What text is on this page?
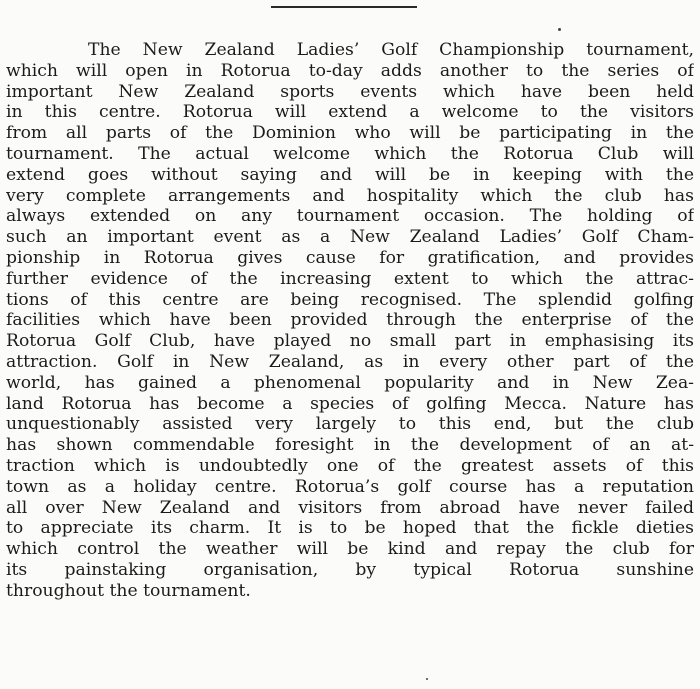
The New Zealand Ladies’ Golf Championship tournament,
which will open in Rotorua to-day adds another to the series of
important New Zealand sports events which have been held
in this centre. Rotorua will extend a welcome to the visitors
from all parts of the Dominion who will be participating in the
tournament. The actual welcome which the Rotorua Club will
extend goes without saying and will be in keeping with the
very complete arrangements and hospitality which the club has
always extended on any tournament occasion. The holding of
such an important event as a New Zealand Ladies’ Golf Cham-
pionship in Rotorua gives cause for gratification, and provides
further evidence of the increasing extent to which the attrac-
tions of this centre are being recognised. The splendid golfing
facilities which have been provided through the enterprise of the
Rotorua Golf Club, have played no small part in emphasising its
attraction. Golf in New Zealand, as in every other part of the
world, has gained a phenomenal popularity and in New Zea-
land Rotorua has become a species of golfing Mecca. Nature has
unquestionably assisted very largely to this end, but the club
has shown commendable foresight in the development of an at-
traction which is undoubtedly one of the greatest assets of this
town as a holiday centre. Rotorua’s golf course has a reputation
all over New Zealand and visitors from abroad have never failed
to appreciate its charm. It is to be hoped that the fickle dieties
which control the weather will be kind and repay the club for
its painstaking organisation, by typical Rotorua sunshine
throughout the tournament.
